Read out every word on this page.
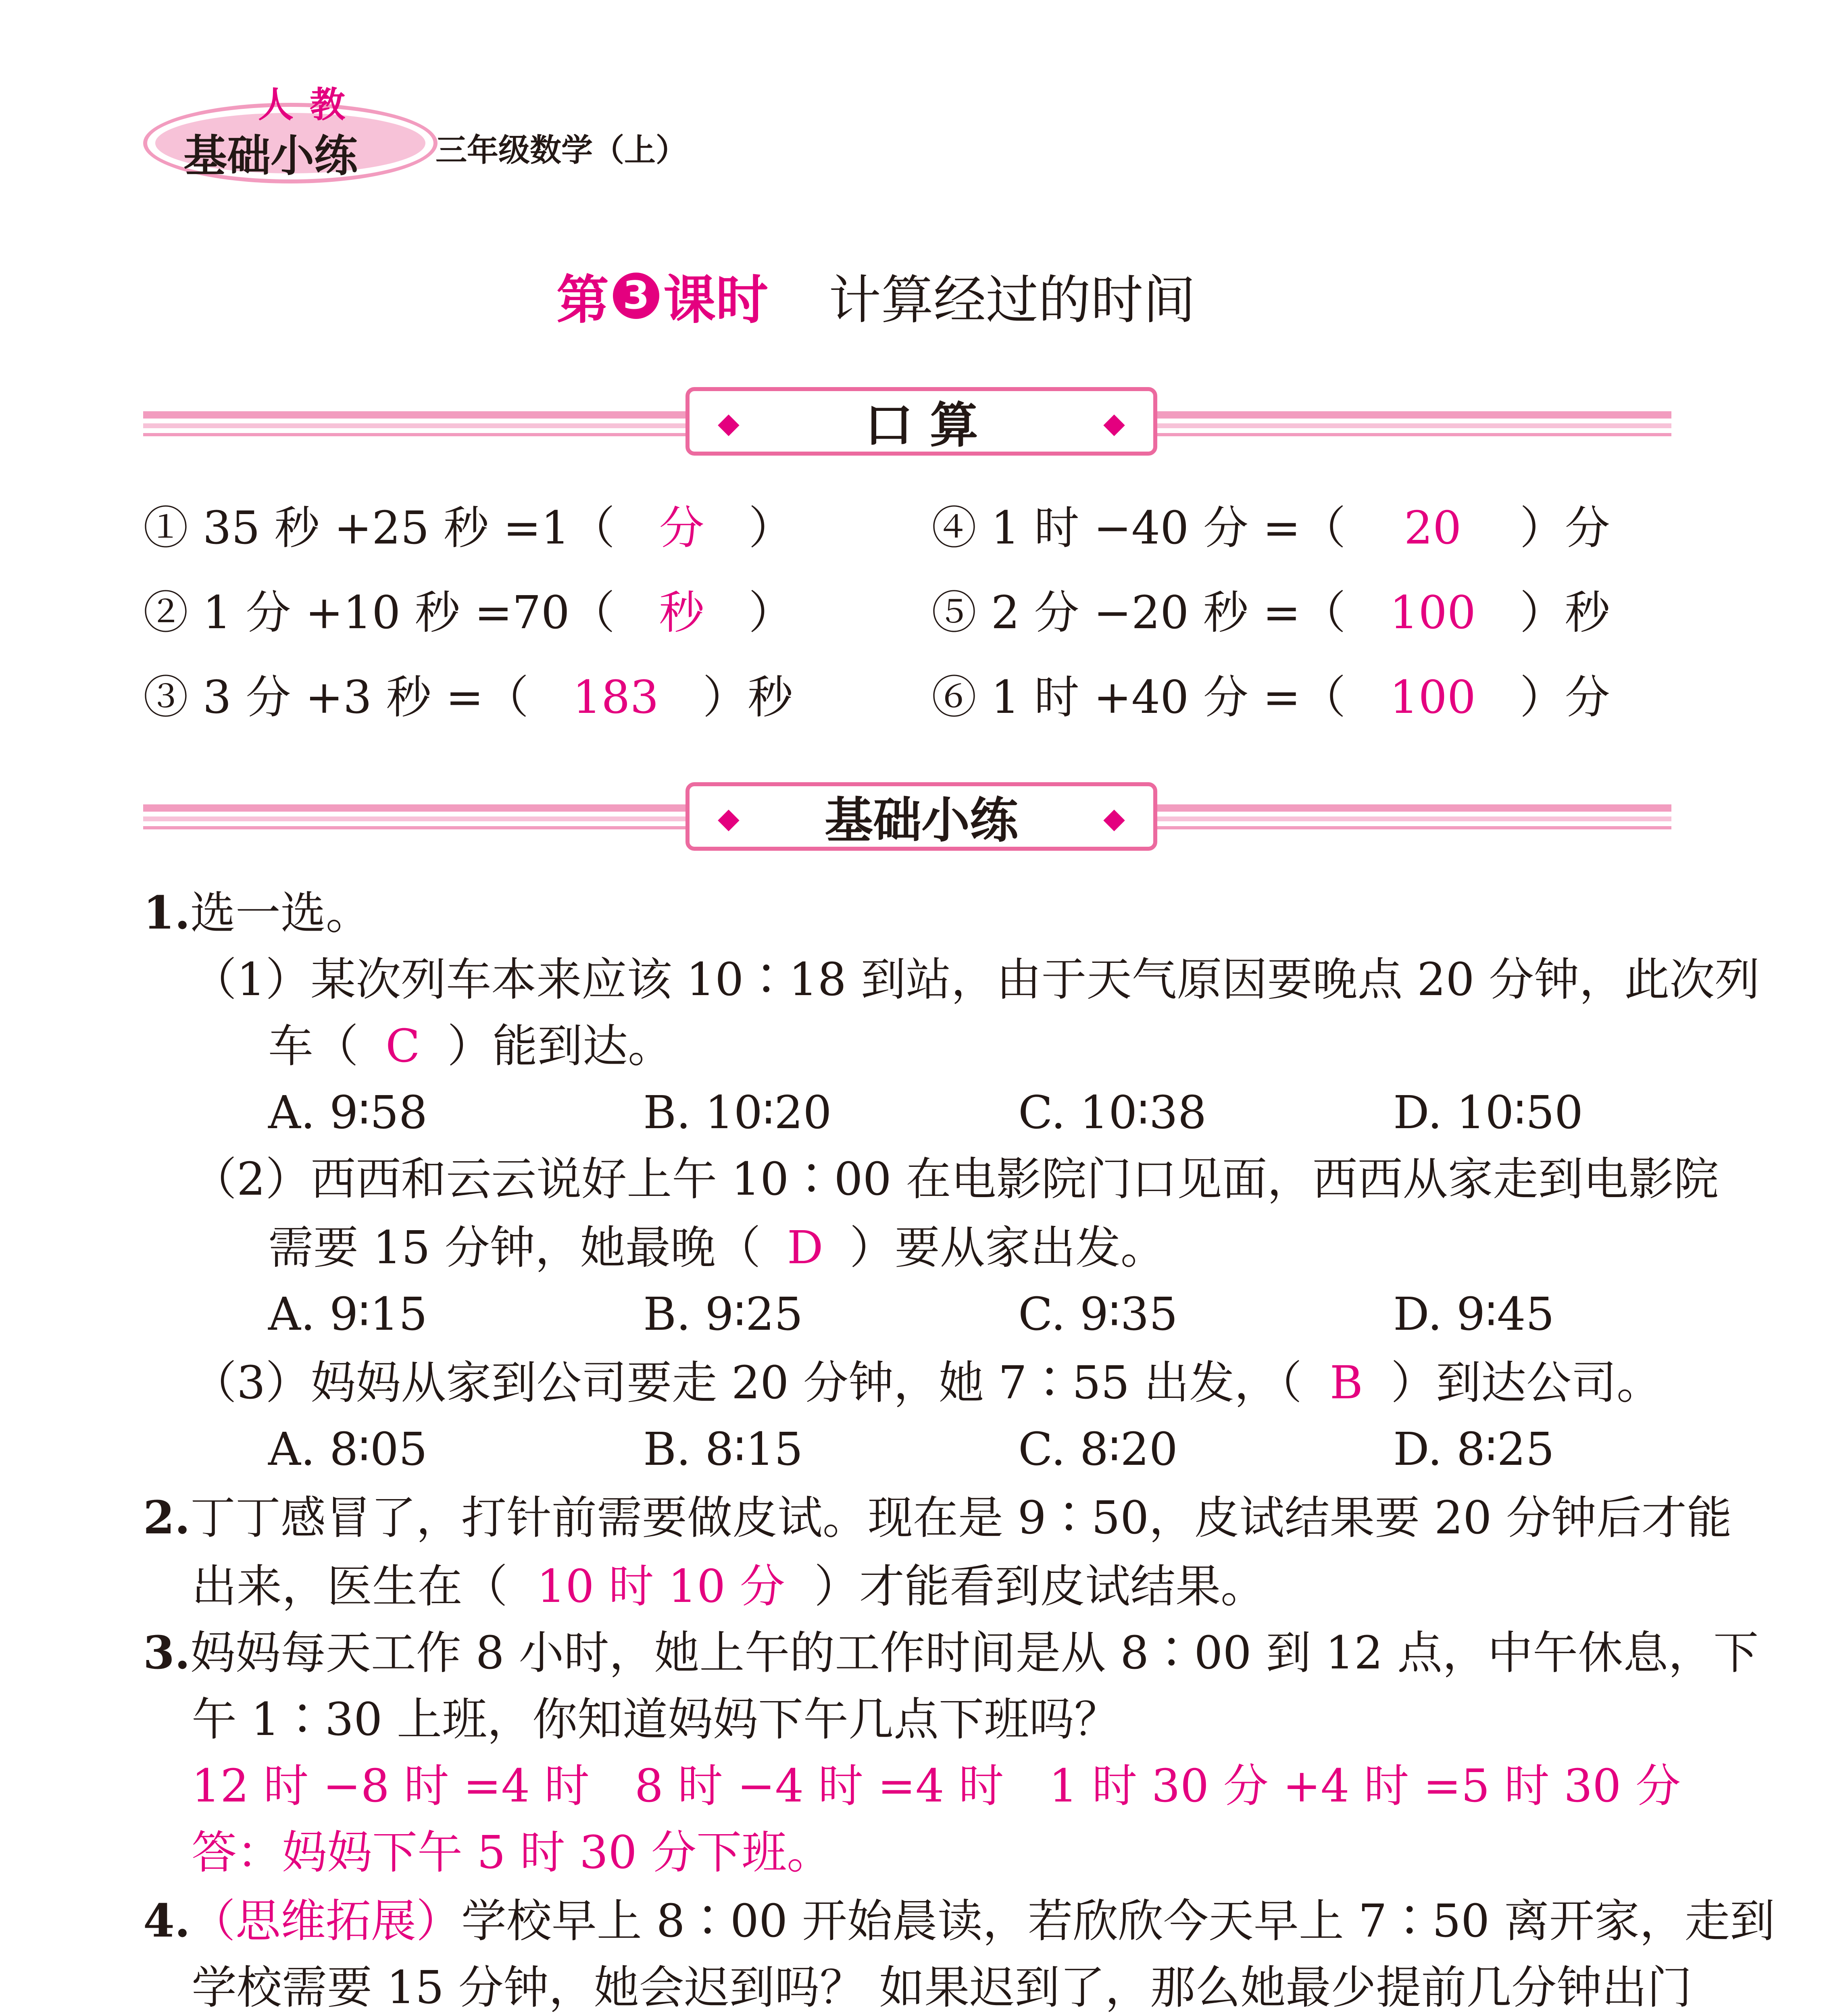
人教
基础小练 三年级数学（上）
第 3 课时 计算经过的时间
◆	口 算	◆
① 35 秒 +25 秒 =1（ 分 ）
② 1 分 +10 秒 =70（ 秒 ）
③ 3 分 +3 秒 =（ 183 ）秒
④ 1 时 −40 分 =（ 20 ）分
⑤ 2 分 −20 秒 =（ 100 ）秒
⑥ 1 时 +40 分 =（ 100 ）分
◆ 基础小练	◆
1.选一选。
（1）某次列车本来应该 10∶18 到站，由于天气原因要晚点 20 分钟，此次列
车（ C ）能到达。
A. 9∶58	B. 10∶20	C. 10∶38	D. 10∶50
（2）西西和云云说好上午 10∶00 在电影院门口见面，西西从家走到电影院
需要 15 分钟，她最晚（ D ）要从家出发。
A. 9∶15	B. 9∶25	C. 9∶35	D. 9∶45
（3）妈妈从家到公司要走 20 分钟，她 7∶55 出发，（ B ）到达公司。
A. 8∶05	B. 8∶15	C. 8∶20	D. 8∶25
2.丁丁感冒了，打针前需要做皮试。现在是 9∶50，皮试结果要 20 分钟后才能
出来，医生在（ 10 时 10 分 ）才能看到皮试结果。
3.妈妈每天工作 8 小时，她上午的工作时间是从 8∶00 到 12 点，中午休息，下
午 1∶30 上班，你知道妈妈下午几点下班吗？
12 时 −8 时 =4 时　8 时 −4 时 =4 时　1 时 30 分 +4 时 =5 时 30 分
答：妈妈下午 5 时 30 分下班。
4.（思维拓展）学校早上 8∶00 开始晨读，若欣欣今天早上 7∶50 离开家，走到
学校需要 15 分钟，她会迟到吗？ 如果迟到了，那么她最少提前几分钟出门
